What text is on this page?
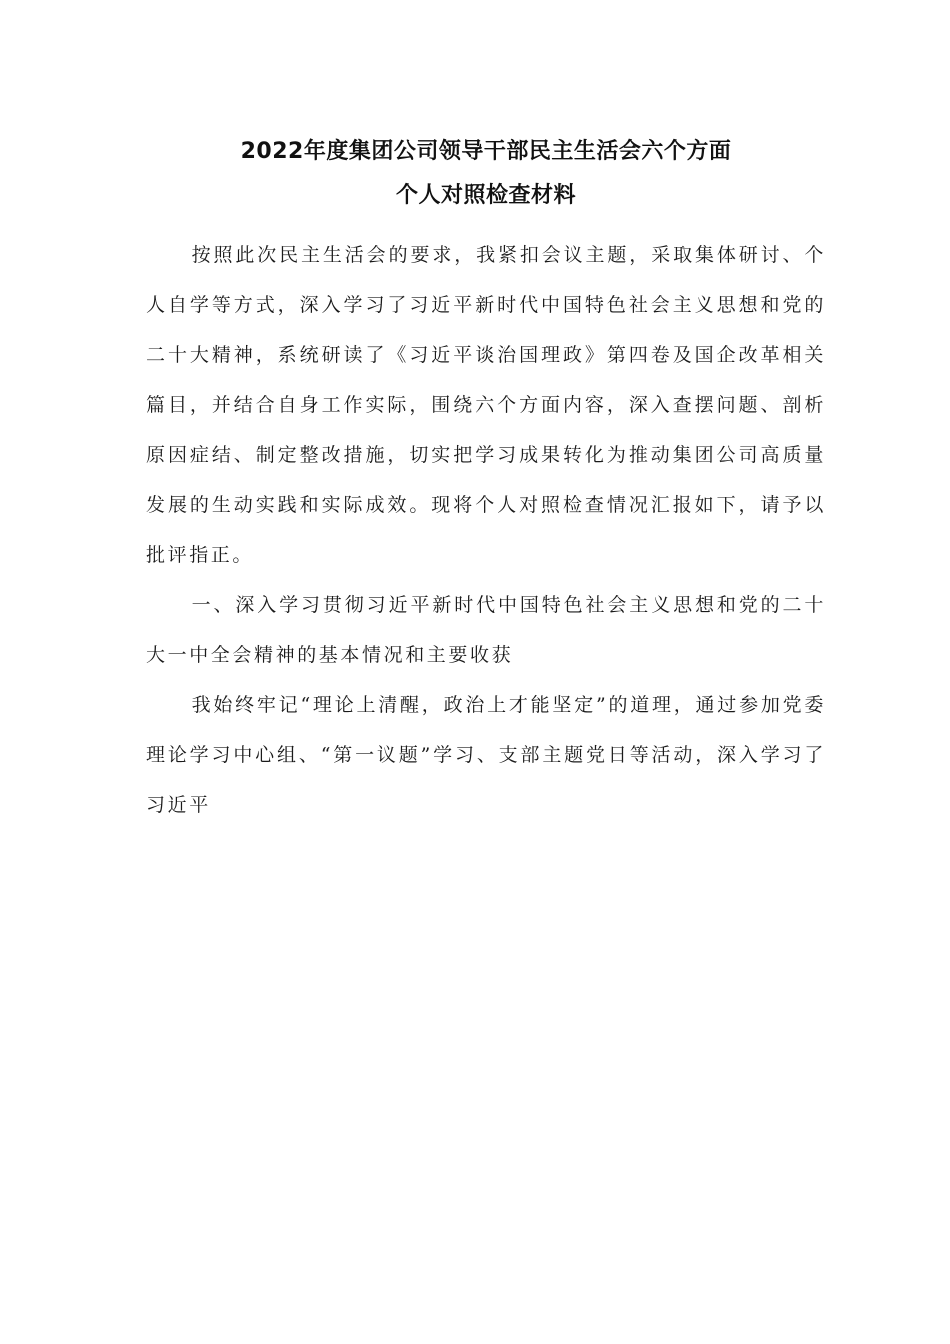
2022年度集团公司领导干部民主生活会六个方面
个人对照检查材料

按照此次民主生活会的要求，我紧扣会议主题，采取集体研讨、个人自学等方式，深入学习了习近平新时代中国特色社会主义思想和党的二十大精神，系统研读了《习近平谈治国理政》第四卷及国企改革相关篇目，并结合自身工作实际，围绕六个方面内容，深入查摆问题、剖析原因症结、制定整改措施，切实把学习成果转化为推动集团公司高质量发展的生动实践和实际成效。现将个人对照检查情况汇报如下，请予以批评指正。

一、深入学习贯彻习近平新时代中国特色社会主义思想和党的二十大一中全会精神的基本情况和主要收获

我始终牢记“理论上清醒，政治上才能坚定”的道理，通过参加党委理论学习中心组、“第一议题”学习、支部主题党日等活动，深入学习了习近平
